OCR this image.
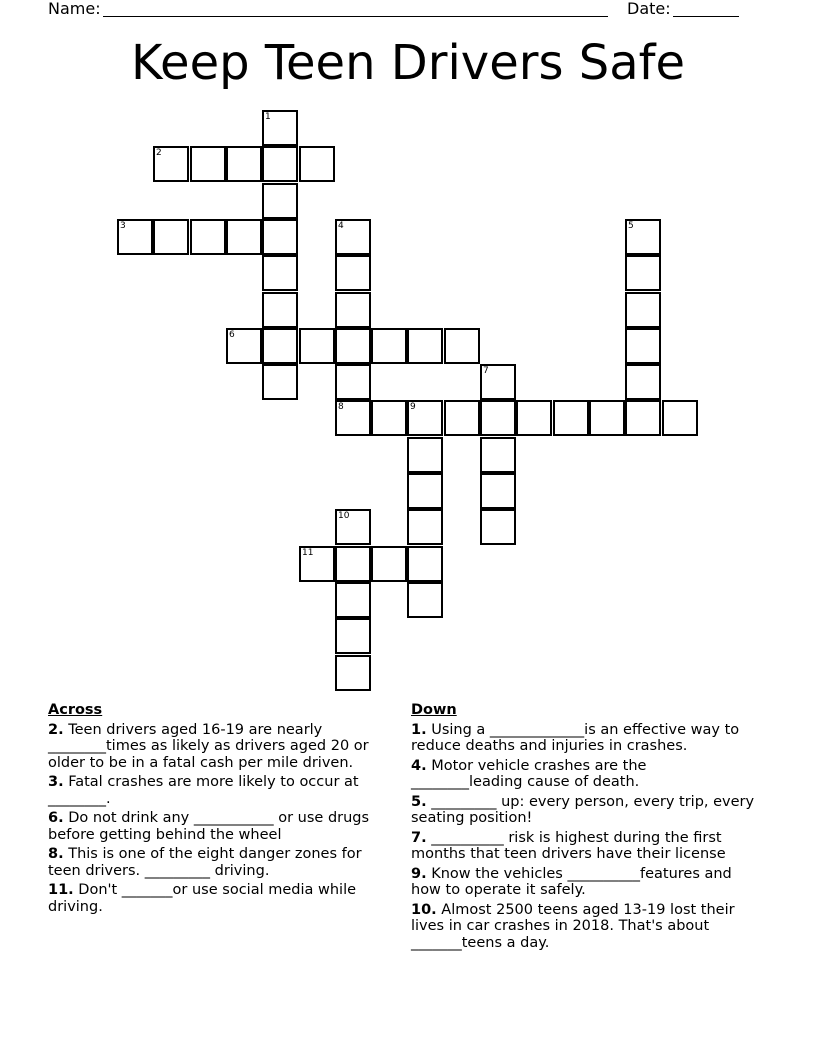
Name:	Date:
Keep Teen Drivers Safe
1
2
3	4
8
5
6
7
9
10
11
Across
2. Teen drivers aged 16-19 are nearly ________times as likely as drivers aged 20 or older to be in a fatal cash per mile driven.
3. Fatal crashes are more likely to occur at ________.
6. Do not drink any ___________ or use drugs before getting behind the wheel
8. This is one of the eight danger zones for teen drivers. _________ driving.
11. Don't _______or use social media while driving.
Down
1. Using a _____________is an effective way to reduce deaths and injuries in crashes.
4. Motor vehicle crashes are the ________leading cause of death.
5. _________ up: every person, every trip, every seating position!
7. __________ risk is highest during the first months that teen drivers have their license
9. Know the vehicles __________features and how to operate it safely.
10. Almost 2500 teens aged 13-19 lost their lives in car crashes in 2018. That's about _______teens a day.
